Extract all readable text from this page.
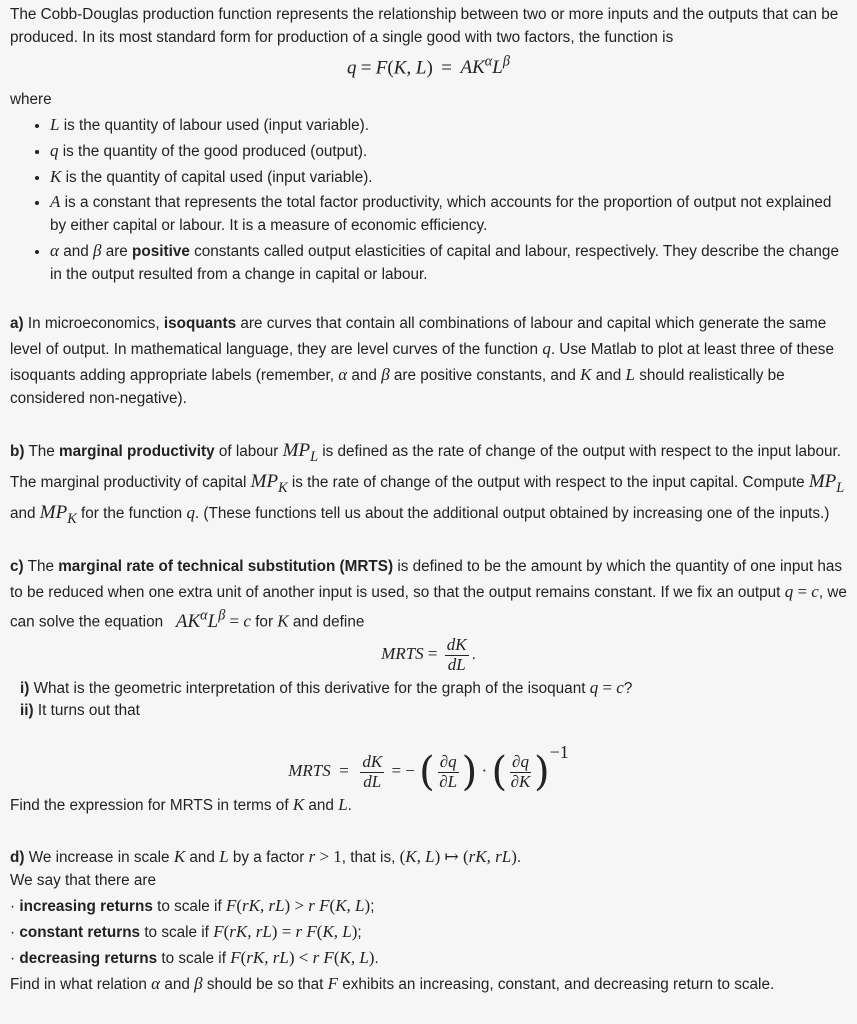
The Cobb-Douglas production function represents the relationship between two or more inputs and the outputs that can be produced. In its most standard form for production of a single good with two factors, the function is

q = F(K, $L) = AK^\alpha L^\beta$

where

• L is the quantity of labour used (input variable).
• q is the quantity of the good produced (output).
• K is the quantity of capital used (input variable).
• A is a constant that represents the total factor productivity, which accounts for the proportion of output not explained by either capital or labour. It is a measure of economic efficiency.
• α and β are positive constants called output elasticities of capital and labour, respectively. They describe the change in the output resulted from a change in capital or labour.

a) In microeconomics, isoquants are curves that contain all combinations of labour and capital which generate the same level of output. In mathematical language, they are level curves of the function q. Use Matlab to plot at least three of these isoquants adding appropriate labels (remember, α and β are positive constants, and K and L should realistically be considered non-negative).

b) The marginal productivity of labour $MP_L$ is defined as the rate of change of the output with respect to the input labour. The marginal productivity of capital $MP_K$ is the rate of change of the output with respect to the input capital. Compute $MP_L$ and $MP_K$ for the function q. (These functions tell us about the additional output obtained by increasing one of the inputs.)

c) The marginal rate of technical substitution (MRTS) is defined to be the amount by which the quantity of one input has to be reduced when one extra unit of another input is used, so that the output remains constant. If we fix an output q = c, we can solve the equation $AK^\alpha L^\beta = c$ for K and define

MRTS = $\frac{dK}{dL}$ .

i) What is the geometric interpretation of this derivative for the graph of the isoquant q = c?

ii) It turns out that

MRTS = $\frac{dK}{dL}$ = − ( $\frac{\partial q}{\partial L}$ ) · ( $\frac{\partial q}{\partial K} )^{-1}$

Find the expression for MRTS in terms of K and L.

d) We increase in scale K and L by a factor r > 1, that is, (K, L) ↦ (rK, rL).

We say that there are

· increasing returns to scale if F(rK, rL) > r F(K, L);

· constant returns to scale if F(rK, rL) = r F(K, L);

· decreasing returns to scale if F(rK, rL) < r F(K, L).

Find in what relation α and β should be so that F exhibits an increasing, constant, and decreasing return to scale.
